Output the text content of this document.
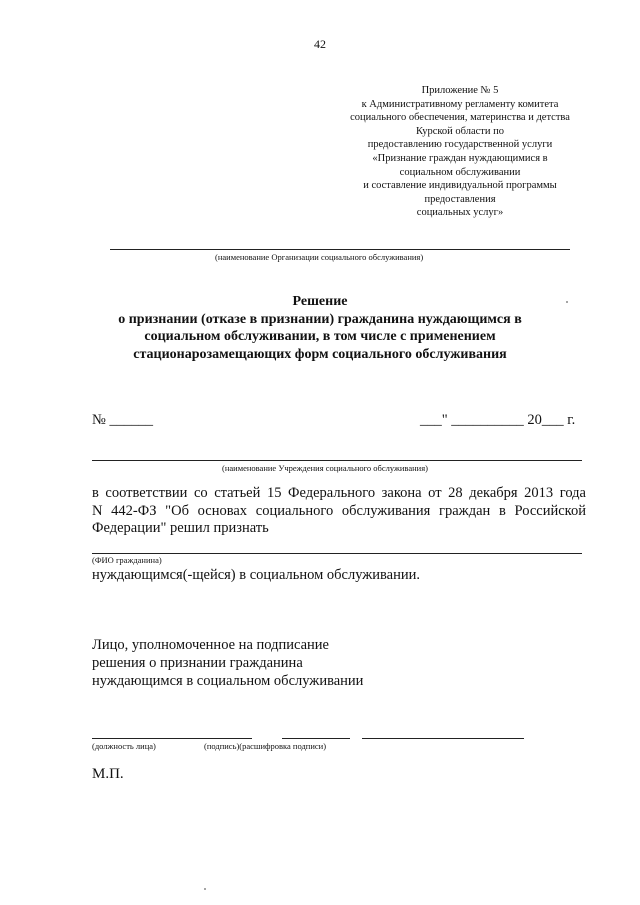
42
Приложение № 5
к Административному регламенту комитета
социального обеспечения, материнства и детства
Курской области по
предоставлению государственной услуги
«Признание граждан нуждающимися в
социальном обслуживании
и составление индивидуальной программы
предоставления
социальных услуг»
(наименование Организации социального обслуживания)
Решение
о признании (отказе в признании) гражданина нуждающимся в
социальном обслуживании, в том числе с применением
стационарозамещающих форм социального обслуживания
№ ______	___" __________ 20___ г.
(наименование Учреждения социального обслуживания)
в соответствии со статьей 15 Федерального закона от 28 декабря 2013 года
N 442-ФЗ "Об основах социального обслуживания граждан в Российской
Федерации" решил признать
(ФИО гражданина)
нуждающимся(-щейся) в социальном обслуживании.
Лицо, уполномоченное на подписание
решения о признании гражданина
нуждающимся в социальном обслуживании
(должность лица)	(подпись)(расшифровка подписи)
М.П.
